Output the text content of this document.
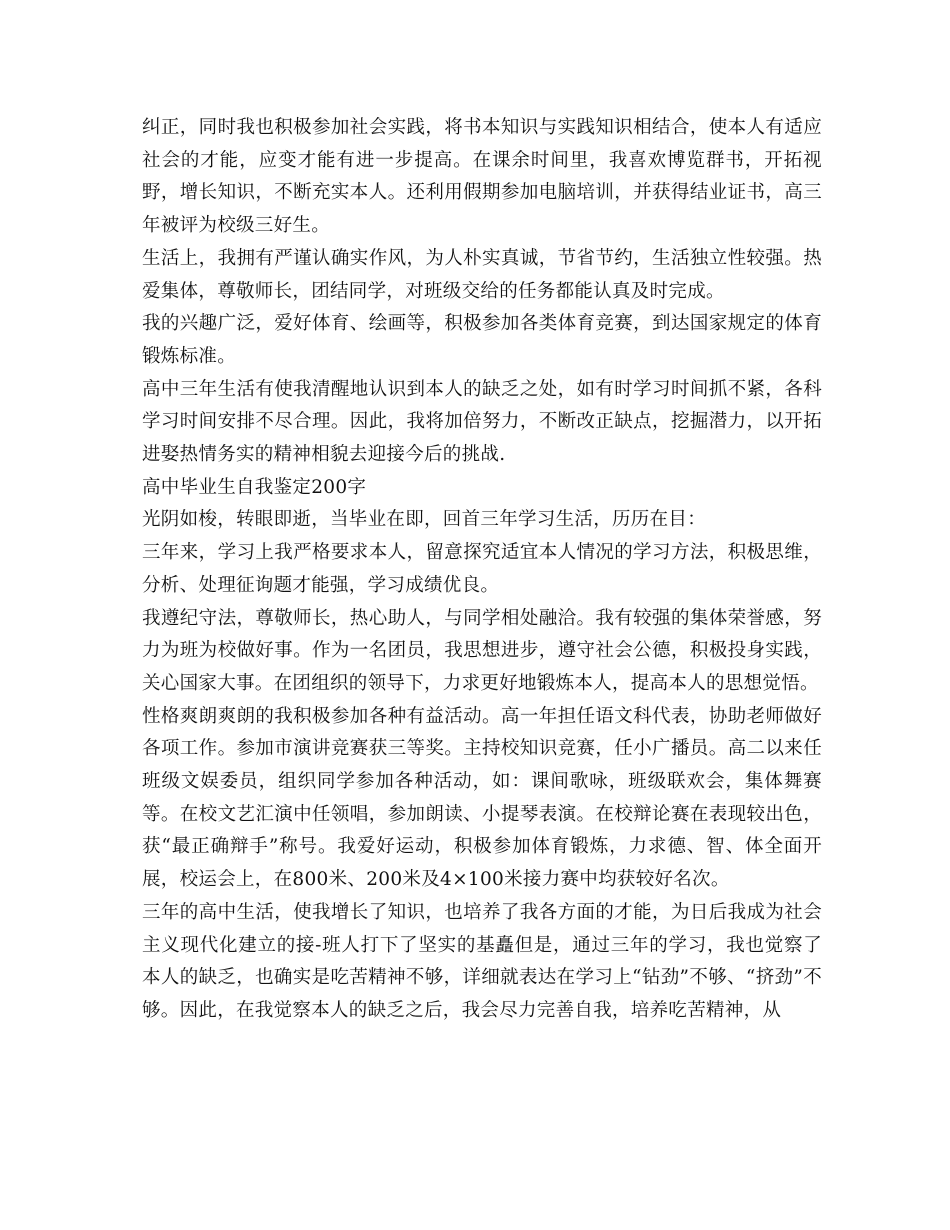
纠正，同时我也积极参加社会实践，将书本知识与实践知识相结合，使本人有适应社会的才能，应变才能有进一步提高。在课余时间里，我喜欢博览群书，开拓视野，增长知识，不断充实本人。还利用假期参加电脑培训，并获得结业证书，高三年被评为校级三好生。

生活上，我拥有严谨认确实作风，为人朴实真诚，节省节约，生活独立性较强。热爱集体，尊敬师长，团结同学，对班级交给的任务都能认真及时完成。

我的兴趣广泛，爱好体育、绘画等，积极参加各类体育竞赛，到达国家规定的体育锻炼标准。

高中三年生活有使我清醒地认识到本人的缺乏之处，如有时学习时间抓不紧，各科学习时间安排不尽合理。因此，我将加倍努力，不断改正缺点，挖掘潜力，以开拓进娶热情务实的精神相貌去迎接今后的挑战.

高中毕业生自我鉴定200字

光阴如梭，转眼即逝，当毕业在即，回首三年学习生活，历历在目：

三年来，学习上我严格要求本人，留意探究适宜本人情况的学习方法，积极思维，分析、处理征询题才能强，学习成绩优良。

我遵纪守法，尊敬师长，热心助人，与同学相处融洽。我有较强的集体荣誉感，努力为班为校做好事。作为一名团员，我思想进步，遵守社会公德，积极投身实践，关心国家大事。在团组织的领导下，力求更好地锻炼本人，提高本人的思想觉悟。

性格爽朗爽朗的我积极参加各种有益活动。高一年担任语文科代表，协助老师做好各项工作。参加市演讲竞赛获三等奖。主持校知识竞赛，任小广播员。高二以来任班级文娱委员，组织同学参加各种活动，如：课间歌咏，班级联欢会，集体舞赛等。在校文艺汇演中任领唱，参加朗读、小提琴表演。在校辩论赛在表现较出色，获“最正确辩手”称号。我爱好运动，积极参加体育锻炼，力求德、智、体全面开展，校运会上，在800米、200米及4×100米接力赛中均获较好名次。

三年的高中生活，使我增长了知识，也培养了我各方面的才能，为日后我成为社会主义现代化建立的接-班人打下了坚实的基矗但是，通过三年的学习，我也觉察了本人的缺乏，也确实是吃苦精神不够，详细就表达在学习上“钻劲”不够、“挤劲”不够。因此，在我觉察本人的缺乏之后，我会尽力完善自我，培养吃苦精神，从
